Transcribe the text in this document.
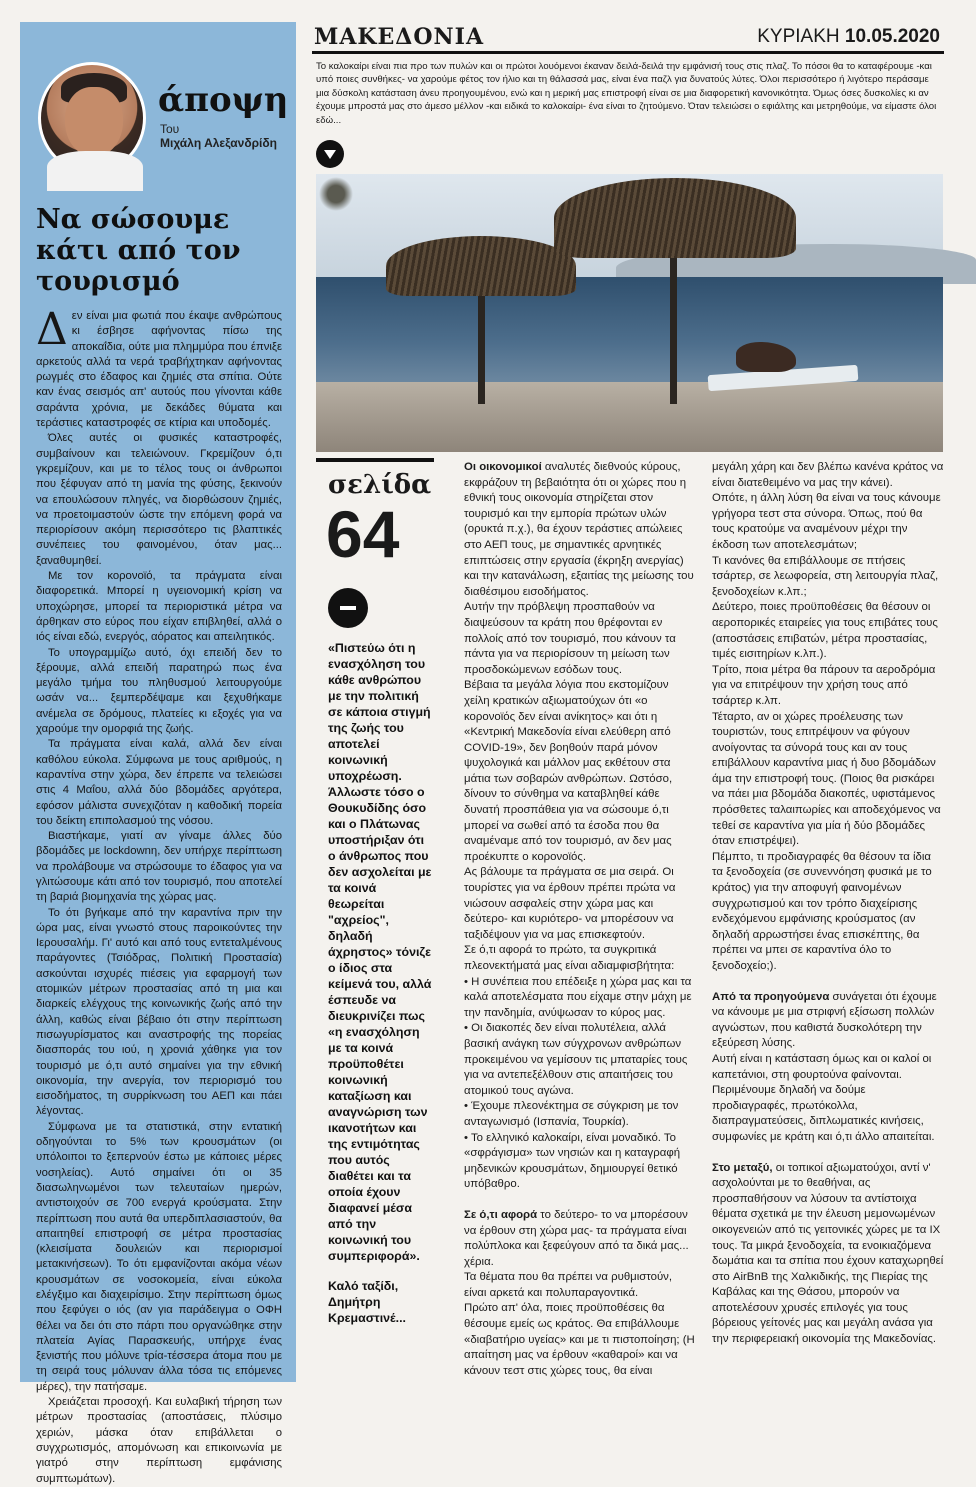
άποψη
Του
Μιχάλη Αλεξανδρίδη
Να σώσουμε κάτι από τον τουρισμό

Δεν είναι μια φωτιά που έκαψε ανθρώπους κι έσβησε αφήνοντας πίσω της αποκαΐδια, ούτε μια πλημμύρα που έπνιξε αρκετούς αλλά τα νερά τραβήχτηκαν αφήνοντας ρωγμές στο έδαφος και ζημιές στα σπίτια. Ούτε καν ένας σεισμός απ' αυτούς που γίνονται κάθε σαράντα χρόνια, με δεκάδες θύματα και τεράστιες καταστροφές σε κτίρια και υποδομές.

Όλες αυτές οι φυσικές καταστροφές, συμβαίνουν και τελειώνουν. Γκρεμίζουν ό,τι γκρεμίζουν, και με το τέλος τους οι άνθρωποι που ξέφυγαν από τη μανία της φύσης, ξεκινούν να επουλώσουν πληγές, να διορθώσουν ζημιές, να προετοιμαστούν ώστε την επόμενη φορά να περιορίσουν ακόμη περισσότερο τις βλαπτικές συνέπειες του φαινομένου, όταν μας... ξαναθυμηθεί.

Με τον κορονοϊό, τα πράγματα είναι διαφορετικά. Μπορεί η υγειονομική κρίση να υποχώρησε, μπορεί τα περιοριστικά μέτρα να άρθηκαν στο εύρος που είχαν επιβληθεί, αλλά ο ιός είναι εδώ, ενεργός, αόρατος και απειλητικός.

Το υπογραμμίζω αυτό, όχι επειδή δεν το ξέρουμε, αλλά επειδή παρατηρώ πως ένα μεγάλο τμήμα του πληθυσμού λειτουργούμε ωσάν να... ξεμπερδέψαμε και ξεχυθήκαμε ανέμελα σε δρόμους, πλατείες κι εξοχές για να χαρούμε την ομορφιά της ζωής.

Τα πράγματα είναι καλά, αλλά δεν είναι καθόλου εύκολα. Σύμφωνα με τους αριθμούς, η καραντίνα στην χώρα, δεν έπρεπε να τελειώσει στις 4 Μαΐου, αλλά δύο βδομάδες αργότερα, εφόσον μάλιστα συνεχιζόταν η καθοδική πορεία του δείκτη επιπολασμού της νόσου.

Βιαστήκαμε, γιατί αν γίναμε άλλες δύο βδομάδες με lockdownη, δεν υπήρχε περίπτωση να προλάβουμε να στρώσουμε το έδαφος για να γλιτώσουμε κάτι από τον τουρισμό, που αποτελεί τη βαριά βιομηχανία της χώρας μας.

Το ότι βγήκαμε από την καραντίνα πριν την ώρα μας, είναι γνωστό στους παροικούντες την Ιερουσαλήμ. Γι' αυτό και από τους εντεταλμένους παράγοντες (Τσιόδρας, Πολιτική Προστασία) ασκούνται ισχυρές πιέσεις για εφαρμογή των ατομικών μέτρων προστασίας από τη μια και διαρκείς ελέγχους της κοινωνικής ζωής από την άλλη, καθώς είναι βέβαιο ότι στην περίπτωση πισωγυρίσματος και αναστροφής της πορείας διασποράς του ιού, η χρονιά χάθηκε για τον τουρισμό με ό,τι αυτό σημαίνει για την εθνική οικονομία, την ανεργία, τον περιορισμό του εισοδήματος, τη συρρίκνωση του ΑΕΠ και πάει λέγοντας.

Σύμφωνα με τα στατιστικά, στην εντατική οδηγούνται το 5% των κρουσμάτων (οι υπόλοιποι το ξεπερνούν έστω με κάποιες μέρες νοσηλείας). Αυτό σημαίνει ότι οι 35 διασωληνωμένοι των τελευταίων ημερών, αντιστοιχούν σε 700 ενεργά κρούσματα. Στην περίπτωση που αυτά θα υπερδιπλασιαστούν, θα απαιτηθεί επιστροφή σε μέτρα προστασίας (κλεισίματα δουλειών και περιορισμοί μετακινήσεων). Το ότι εμφανίζονται ακόμα νέων κρουσμάτων σε νοσοκομεία, είναι εύκολα ελέγξιμο και διαχειρίσιμο. Στην περίπτωση όμως που ξεφύγει ο ιός (αν για παράδειγμα ο ΟΦΗ θέλει να δει ότι στο πάρτι που οργανώθηκε στην πλατεία Αγίας Παρασκευής, υπήρχε ένας ξενιστής που μόλυνε τρία-τέσσερα άτομα που με τη σειρά τους μόλυναν άλλα τόσα τις επόμενες μέρες), την πατήσαμε.

Χρειάζεται προσοχή. Και ευλαβική τήρηση των μέτρων προστασίας (αποστάσεις, πλύσιμο χεριών, μάσκα όταν επιβάλλεται ο συγχρωτισμός, απομόνωση και επικοινωνία με γιατρό στην περίπτωση εμφάνισης συμπτωμάτων).

ΜΑΚΕΔΟΝΙΑ	ΚΥΡΙΑΚΗ 10.05.2020
Το καλοκαίρι είναι πια προ των πυλών και οι πρώτοι λουόμενοι έκαναν δειλά-δειλά την εμφάνισή τους στις πλαζ. Το πόσοι θα το καταφέρουμε -και υπό ποιες συνθήκες- να χαρούμε φέτος τον ήλιο και τη θάλασσά μας, είναι ένα παζλ για δυνατούς λύτες. Όλοι περισσότερο ή λιγότερο περάσαμε μια δύσκολη κατάσταση άνευ προηγουμένου, ενώ και η μερική μας επιστροφή είναι σε μια διαφορετική κανονικότητα. Όμως όσες δυσκολίες κι αν έχουμε μπροστά μας στο άμεσο μέλλον -και ειδικά το καλοκαίρι- ένα είναι το ζητούμενο. Όταν τελειώσει ο εφιάλτης και μετρηθούμε, να είμαστε όλοι εδώ...
σελίδα
64

«Πιστεύω ότι η ενασχόληση του κάθε ανθρώπου με την πολιτική σε κάποια στιγμή της ζωής του αποτελεί κοινωνική υποχρέωση. Άλλωστε τόσο ο Θουκυδίδης όσο και ο Πλάτωνας υποστήριξαν ότι ο άνθρωπος που δεν ασχολείται με τα κοινά θεωρείται "αχρείος", δηλαδή άχρηστος» τόνιζε ο ίδιος στα κείμενά του, αλλά έσπευδε να διευκρινίζει πως «η ενασχόληση με τα κοινά προϋποθέτει κοινωνική καταξίωση και αναγνώριση των ικανοτήτων και της εντιμότητας που αυτός διαθέτει και τα οποία έχουν διαφανεί μέσα από την κοινωνική του συμπεριφορά».

Καλό ταξίδι,

Δημήτρη Κρεμαστινέ...

Οι οικονομικοί αναλυτές διεθνούς κύρους, εκφράζουν τη βεβαιότητα ότι οι χώρες που η εθνική τους οικονομία στηρίζεται στον τουρισμό και την εμπορία πρώτων υλών (ορυκτά π.χ.), θα έχουν τεράστιες απώλειες στο ΑΕΠ τους, με σημαντικές αρνητικές επιπτώσεις στην εργασία (έκρηξη ανεργίας) και την κατανάλωση, εξαιτίας της μείωσης του διαθέσιμου εισοδήματος.

Αυτήν την πρόβλεψη προσπαθούν να διαψεύσουν τα κράτη που θρέφονται εν πολλοίς από τον τουρισμό, που κάνουν τα πάντα για να περιορίσουν τη μείωση των προσδοκώμενων εσόδων τους.

Βέβαια τα μεγάλα λόγια που εκστομίζουν χείλη κρατικών αξιωματούχων ότι «ο κορονοϊός δεν είναι ανίκητος» και ότι η «Κεντρική Μακεδονία είναι ελεύθερη από COVID-19», δεν βοηθούν παρά μόνον ψυχολογικά και μάλλον μας εκθέτουν στα μάτια των σοβαρών ανθρώπων. Ωστόσο, δίνουν το σύνθημα να καταβληθεί κάθε δυνατή προσπάθεια για να σώσουμε ό,τι μπορεί να σωθεί από τα έσοδα που θα αναμέναμε από τον τουρισμό, αν δεν μας προέκυπτε ο κορονοϊός.

Ας βάλουμε τα πράγματα σε μια σειρά. Οι τουρίστες για να έρθουν πρέπει πρώτα να νιώσουν ασφαλείς στην χώρα μας και δεύτερο- και κυριότερο- να μπορέσουν να ταξιδέψουν για να μας επισκεφτούν.

Σε ό,τι αφορά το πρώτο, τα συγκριτικά πλεονεκτήματά μας είναι αδιαμφισβήτητα:

• Η συνέπεια που επέδειξε η χώρα μας και τα καλά αποτελέσματα που είχαμε στην μάχη με την πανδημία, ανύψωσαν το κύρος μας.

• Οι διακοπές δεν είναι πολυτέλεια, αλλά βασική ανάγκη των σύγχρονων ανθρώπων προκειμένου να γεμίσουν τις μπαταρίες τους για να αντεπεξέλθουν στις απαιτήσεις του ατομικού τους αγώνα.

• Έχουμε πλεονέκτημα σε σύγκριση με τον ανταγωνισμό (Ισπανία, Τουρκία).

• Το ελληνικό καλοκαίρι, είναι μοναδικό. Το «σφράγισμα» των νησιών και η καταγραφή μηδενικών κρουσμάτων, δημιουργεί θετικό υπόβαθρο.

Σε ό,τι αφορά το δεύτερο- το να μπορέσουν να έρθουν στη χώρα μας- τα πράγματα είναι πολύπλοκα και ξεφεύγουν από τα δικά μας... χέρια.

Τα θέματα που θα πρέπει να ρυθμιστούν, είναι αρκετά και πολυπαραγοντικά.

Πρώτο απ' όλα, ποιες προϋποθέσεις θα θέσουμε εμείς ως κράτος. Θα επιβάλλουμε «διαβατήριο υγείας» και με τι πιστοποίηση; (Η απαίτηση μας να έρθουν «καθαροί» και να κάνουν τεστ στις χώρες τους, θα είναι

μεγάλη χάρη και δεν βλέπω κανένα κράτος να είναι διατεθειμένο να μας την κάνει).

Οπότε, η άλλη λύση θα είναι να τους κάνουμε γρήγορα τεστ στα σύνορα. Όπως, πού θα τους κρατούμε να αναμένουν μέχρι την έκδοση των αποτελεσμάτων;

Τι κανόνες θα επιβάλλουμε σε πτήσεις τσάρτερ, σε λεωφορεία, στη λειτουργία πλαζ, ξενοδοχείων κ.λπ.;

Δεύτερο, ποιες προϋποθέσεις θα θέσουν οι αεροπορικές εταιρείες για τους επιβάτες τους (αποστάσεις επιβατών, μέτρα προστασίας, τιμές εισιτηρίων κ.λπ.).

Τρίτο, ποια μέτρα θα πάρουν τα αεροδρόμια για να επιτρέψουν την χρήση τους από τσάρτερ κ.λπ.

Τέταρτο, αν οι χώρες προέλευσης των τουριστών, τους επιτρέψουν να φύγουν ανοίγοντας τα σύνορά τους και αν τους επιβάλλουν καραντίνα μιας ή δυο βδομάδων άμα την επιστροφή τους. (Ποιος θα ρισκάρει να πάει μια βδομάδα διακοπές, υφιστάμενος πρόσθετες ταλαιπωρίες και αποδεχόμενος να τεθεί σε καραντίνα για μία ή δύο βδομάδες όταν επιστρέψει).

Πέμπτο, τι προδιαγραφές θα θέσουν τα ίδια τα ξενοδοχεία (σε συνεννόηση φυσικά με το κράτος) για την αποφυγή φαινομένων συγχρωτισμού και τον τρόπο διαχείρισης ενδεχόμενου εμφάνισης κρούσματος (αν δηλαδή αρρωστήσει ένας επισκέπτης, θα πρέπει να μπει σε καραντίνα όλο το ξενοδοχείο;).

Από τα προηγούμενα συνάγεται ότι έχουμε να κάνουμε με μια στριφνή εξίσωση πολλών αγνώστων, που καθιστά δυσκολότερη την εξεύρεση λύσης.

Αυτή είναι η κατάσταση όμως και οι καλοί οι καπετάνιοι, στη φουρτούνα φαίνονται. Περιμένουμε δηλαδή να δούμε προδιαγραφές, πρωτόκολλα, διαπραγματεύσεις, διπλωματικές κινήσεις, συμφωνίες με κράτη και ό,τι άλλο απαιτείται.

Στο μεταξύ, οι τοπικοί αξιωματούχοι, αντί ν' ασχολούνται με το θεαθήναι, ας προσπαθήσουν να λύσουν τα αντίστοιχα θέματα σχετικά με την έλευση μεμονωμένων οικογενειών από τις γειτονικές χώρες με τα ΙΧ τους. Τα μικρά ξενοδοχεία, τα ενοικιαζόμενα δωμάτια και τα σπίτια που έχουν καταχωρηθεί στο AirBnB της Χαλκιδικής, της Πιερίας της Καβάλας και της Θάσου, μπορούν να αποτελέσουν χρυσές επιλογές για τους βόρειους γείτονές μας και μεγάλη ανάσα για την περιφερειακή οικονομία της Μακεδονίας.
